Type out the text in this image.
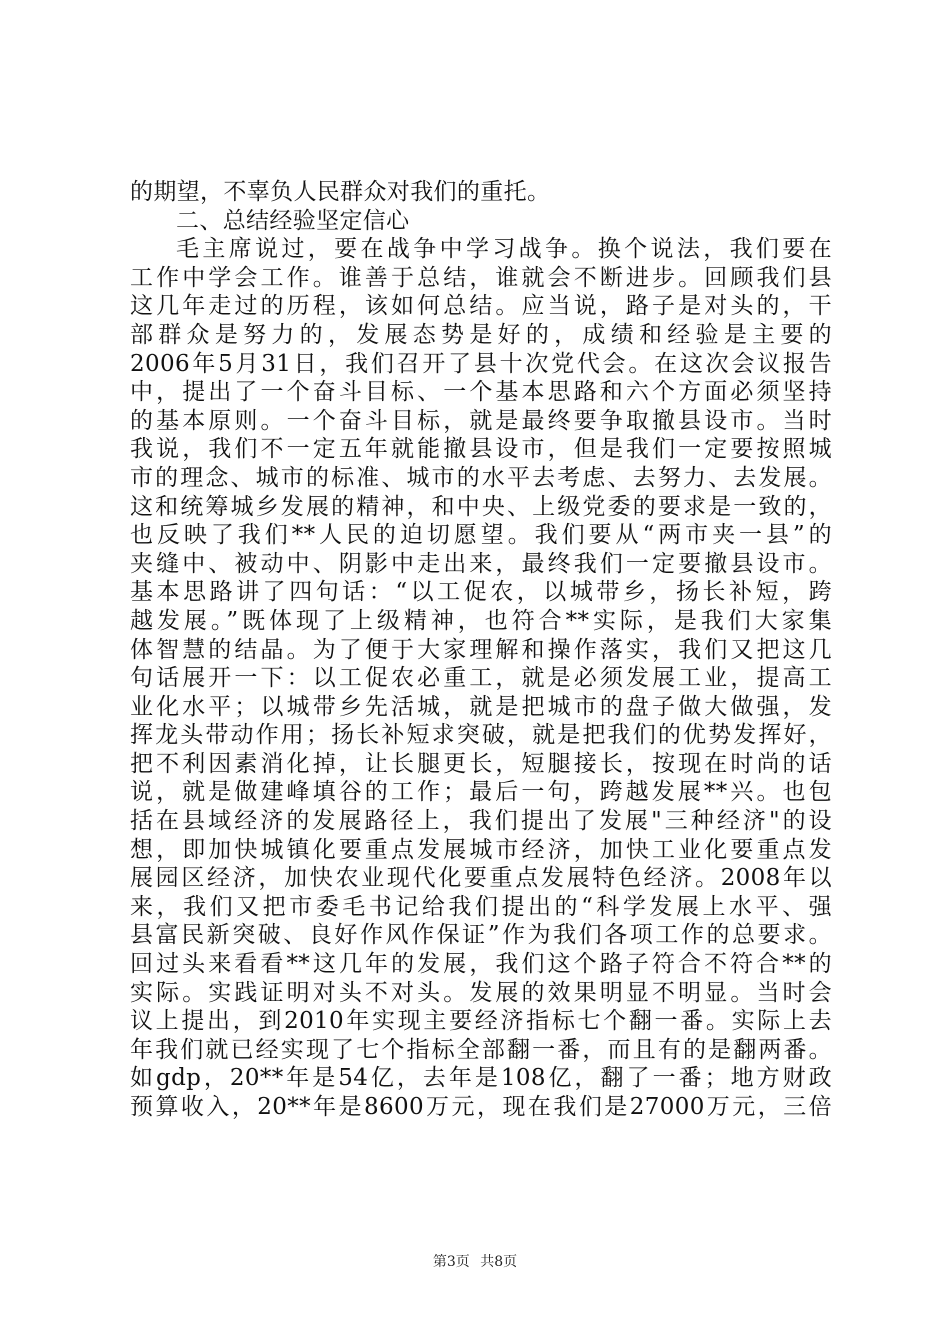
的期望，不辜负人民群众对我们的重托。
二、总结经验坚定信心
毛主席说过，要在战争中学习战争。换个说法，我们要在
工作中学会工作。谁善于总结，谁就会不断进步。回顾我们县
这几年走过的历程，该如何总结。应当说，路子是对头的，干
部群众是努力的，发展态势是好的，成绩和经验是主要的
2006年5月31日，我们召开了县十次党代会。在这次会议报告
中，提出了一个奋斗目标、一个基本思路和六个方面必须坚持
的基本原则。一个奋斗目标，就是最终要争取撤县设市。当时
我说，我们不一定五年就能撤县设市，但是我们一定要按照城
市的理念、城市的标准、城市的水平去考虑、去努力、去发展。
这和统筹城乡发展的精神，和中央、上级党委的要求是一致的，
也反映了我们**人民的迫切愿望。我们要从“两市夹一县”的
夹缝中、被动中、阴影中走出来，最终我们一定要撤县设市。
基本思路讲了四句话：“以工促农，以城带乡，扬长补短，跨
越发展。”既体现了上级精神，也符合**实际，是我们大家集
体智慧的结晶。为了便于大家理解和操作落实，我们又把这几
句话展开一下：以工促农必重工，就是必须发展工业，提高工
业化水平；以城带乡先活城，就是把城市的盘子做大做强，发
挥龙头带动作用；扬长补短求突破，就是把我们的优势发挥好，
把不利因素消化掉，让长腿更长，短腿接长，按现在时尚的话
说，就是做建峰填谷的工作；最后一句，跨越发展**兴。也包
括在县域经济的发展路径上，我们提出了发展"三种经济"的设
想，即加快城镇化要重点发展城市经济，加快工业化要重点发
展园区经济，加快农业现代化要重点发展特色经济。2008年以
来，我们又把市委毛书记给我们提出的“科学发展上水平、强
县富民新突破、良好作风作保证”作为我们各项工作的总要求。
回过头来看看**这几年的发展，我们这个路子符合不符合**的
实际。实践证明对头不对头。发展的效果明显不明显。当时会
议上提出，到2010年实现主要经济指标七个翻一番。实际上去
年我们就已经实现了七个指标全部翻一番，而且有的是翻两番。
如gdp，20**年是54亿，去年是108亿，翻了一番；地方财政
预算收入，20**年是8600万元，现在我们是27000万元，三倍
第3页 共8页
